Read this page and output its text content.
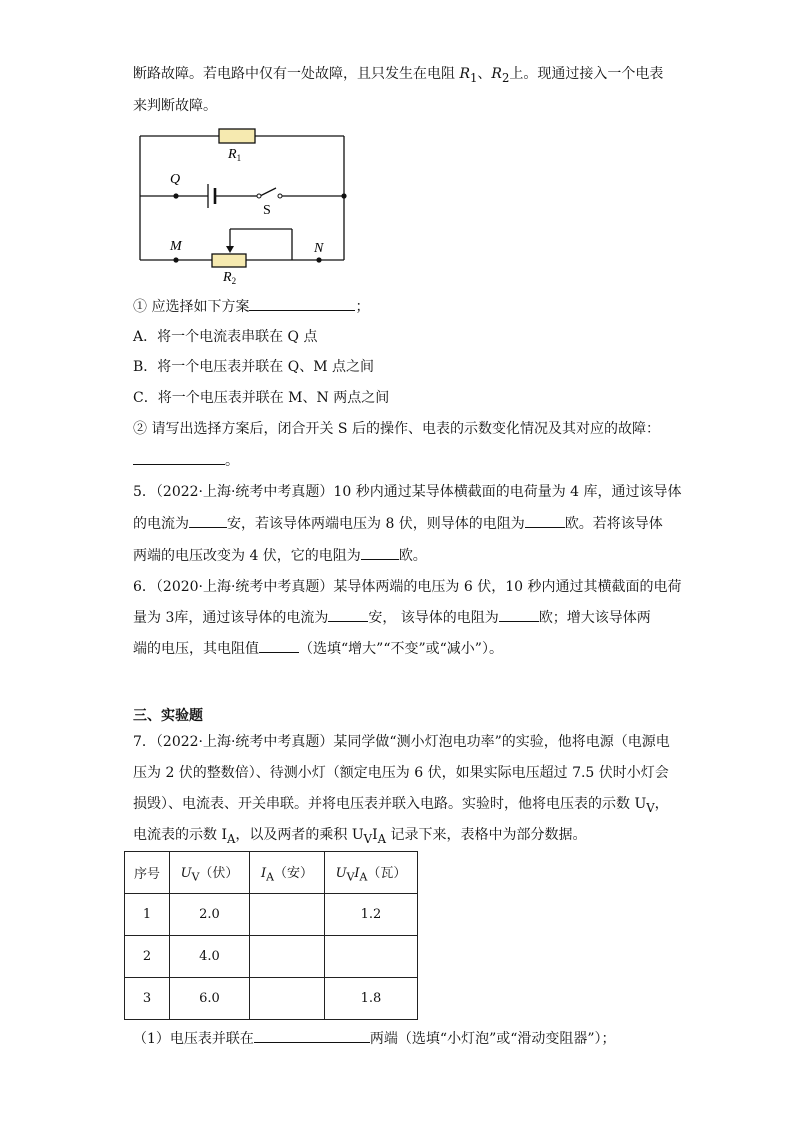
断路故障。若电路中仅有一处故障，且只发生在电阻 $R_1$、$R_2$上。现通过接入一个电表
来判断故障。
$R_1$
Q
S
M	N
$R_2$
① 应选择如下方案	；
A．将一个电流表串联在 Q 点
B．将一个电压表并联在 Q、M 点之间
C．将一个电压表并联在 M、N 两点之间
② 请写出选择方案后，闭合开关 S 后的操作、电表的示数变化情况及其对应的故障：
。
5．（2022·上海·统考中考真题）10 秒内通过某导体横截面的电荷量为 4 库，通过该导体
的电流为	安，若该导体两端电压为 8 伏，则导体的电阻为	欧。若将该导体
两端的电压改变为 4 伏，它的电阻为	欧。
6．（2020·上海·统考中考真题）某导体两端的电压为 6 伏，10 秒内通过其横截面的电荷
量为 3库，通过该导体的电流为	安， 该导体的电阻为	欧；增大该导体两
端的电压，其电阻值	（选填“增大”“不变”或“减小”）。
三、实验题
7．（2022·上海·统考中考真题）某同学做“测小灯泡电功率”的实验，他将电源（电源电
压为 2 伏的整数倍）、待测小灯（额定电压为 6 伏，如果实际电压超过 7.5 伏时小灯会
损毁）、电流表、开关串联。并将电压表并联入电路。实验时，他将电压表的示数 $U_V$，
电流表的示数 $I_A$，以及两者的乘积 $U_VI_A$ 记录下来，表格中为部分数据。
序号	$U_V$（伏）	$I_A$（安）	$U_VI_A$（瓦）
1	2.0		1.2
2	4.0		
3	6.0		1.8
（1）电压表并联在	两端（选填“小灯泡”或“滑动变阻器”）；
